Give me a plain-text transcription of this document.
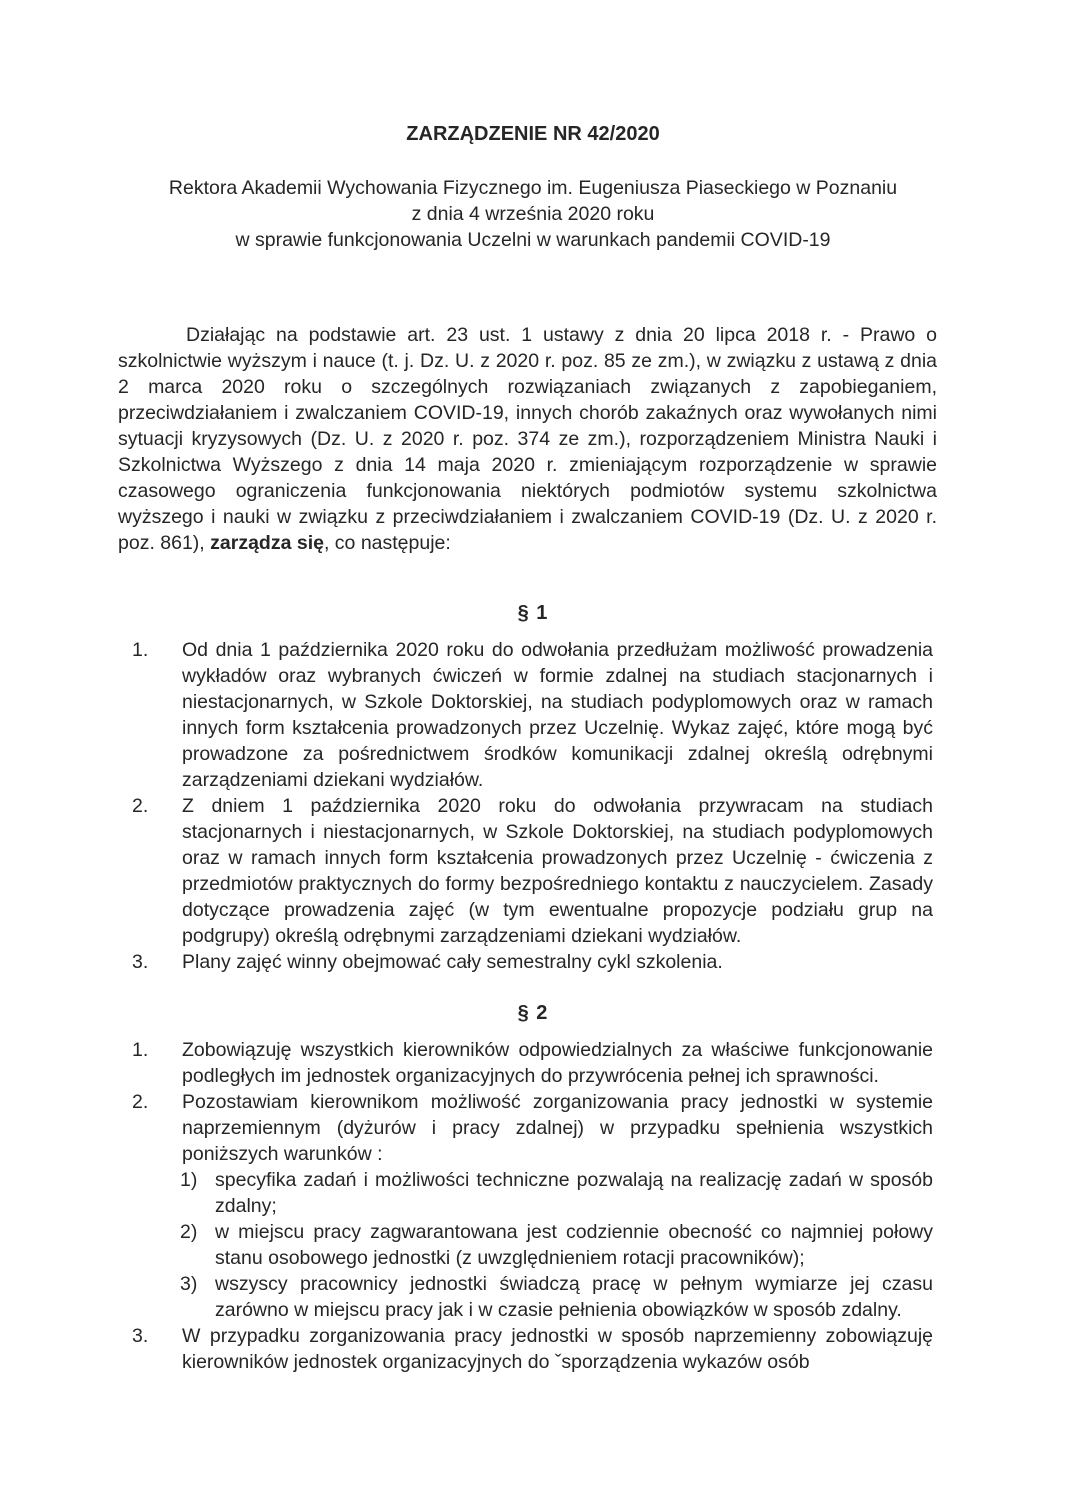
ZARZĄDZENIE NR 42/2020
Rektora Akademii Wychowania Fizycznego im. Eugeniusza Piaseckiego w Poznaniu
z dnia 4 września 2020 roku
w sprawie funkcjonowania Uczelni w warunkach pandemii COVID-19
Działając na podstawie art. 23 ust. 1 ustawy z dnia 20 lipca 2018 r. - Prawo o szkolnictwie wyższym i nauce (t. j. Dz. U. z 2020 r. poz. 85 ze zm.), w związku z ustawą z dnia 2 marca 2020 roku o szczególnych rozwiązaniach związanych z zapobieganiem, przeciwdziałaniem i zwalczaniem COVID-19, innych chorób zakaźnych oraz wywołanych nimi sytuacji kryzysowych (Dz. U. z 2020 r. poz. 374 ze zm.), rozporządzeniem Ministra Nauki i Szkolnictwa Wyższego z dnia 14 maja 2020 r. zmieniającym rozporządzenie w sprawie czasowego ograniczenia funkcjonowania niektórych podmiotów systemu szkolnictwa wyższego i nauki w związku z przeciwdziałaniem i zwalczaniem COVID-19 (Dz. U. z 2020 r. poz. 861), zarządza się, co następuje:
§ 1
1. Od dnia 1 października 2020 roku do odwołania przedłużam możliwość prowadzenia wykładów oraz wybranych ćwiczeń w formie zdalnej na studiach stacjonarnych i niestacjonarnych, w Szkole Doktorskiej, na studiach podyplomowych oraz w ramach innych form kształcenia prowadzonych przez Uczelnię. Wykaz zajęć, które mogą być prowadzone za pośrednictwem środków komunikacji zdalnej określą odrębnymi zarządzeniami dziekani wydziałów.
2. Z dniem 1 października 2020 roku do odwołania przywracam na studiach stacjonarnych i niestacjonarnych, w Szkole Doktorskiej, na studiach podyplomowych oraz w ramach innych form kształcenia prowadzonych przez Uczelnię - ćwiczenia z przedmiotów praktycznych do formy bezpośredniego kontaktu z nauczycielem. Zasady dotyczące prowadzenia zajęć (w tym ewentualne propozycje podziału grup na podgrupy) określą odrębnymi zarządzeniami dziekani wydziałów.
3. Plany zajęć winny obejmować cały semestralny cykl szkolenia.
§ 2
1. Zobowiązuję wszystkich kierowników odpowiedzialnych za właściwe funkcjonowanie podległych im jednostek organizacyjnych do przywrócenia pełnej ich sprawności.
2. Pozostawiam kierownikom możliwość zorganizowania pracy jednostki w systemie naprzemiennym (dyżurów i pracy zdalnej) w przypadku spełnienia wszystkich poniższych warunków :
1) specyfika zadań i możliwości techniczne pozwalają na realizację zadań w sposób zdalny;
2) w miejscu pracy zagwarantowana jest codziennie obecność co najmniej połowy stanu osobowego jednostki (z uwzględnieniem rotacji pracowników);
3) wszyscy pracownicy jednostki świadczą pracę w pełnym wymiarze jej czasu zarówno w miejscu pracy jak i w czasie pełnienia obowiązków w sposób zdalny.
3. W przypadku zorganizowania pracy jednostki w sposób naprzemienny zobowiązuję kierowników jednostek organizacyjnych do ˇsporządzenia wykazów osób
